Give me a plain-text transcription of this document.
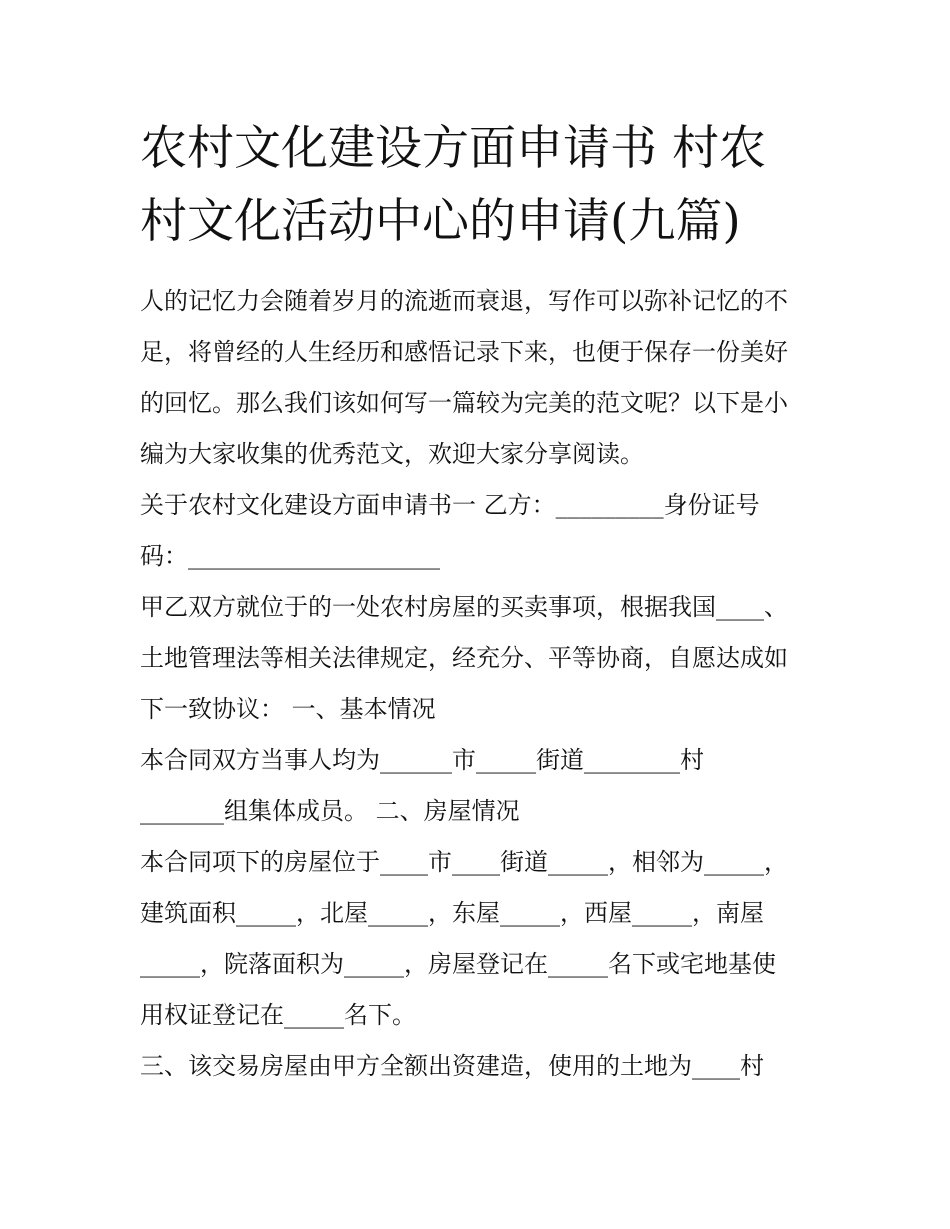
农村文化建设方面申请书 村农
村文化活动中心的申请(九篇)
人的记忆力会随着岁月的流逝而衰退，写作可以弥补记忆的不
足，将曾经的人生经历和感悟记录下来，也便于保存一份美好
的回忆。那么我们该如何写一篇较为完美的范文呢？以下是小
编为大家收集的优秀范文，欢迎大家分享阅读。
关于农村文化建设方面申请书一 乙方：_________身份证号
码：_____________________
甲乙双方就位于的一处农村房屋的买卖事项，根据我国____、
土地管理法等相关法律规定，经充分、平等协商，自愿达成如
下一致协议： 一、基本情况
本合同双方当事人均为______市_____街道________村
_______组集体成员。 二、房屋情况
本合同项下的房屋位于____市____街道_____，相邻为_____，
建筑面积_____，北屋_____，东屋_____，西屋_____，南屋
_____，院落面积为_____，房屋登记在_____名下或宅地基使
用权证登记在_____名下。
三、该交易房屋由甲方全额出资建造，使用的土地为____村
